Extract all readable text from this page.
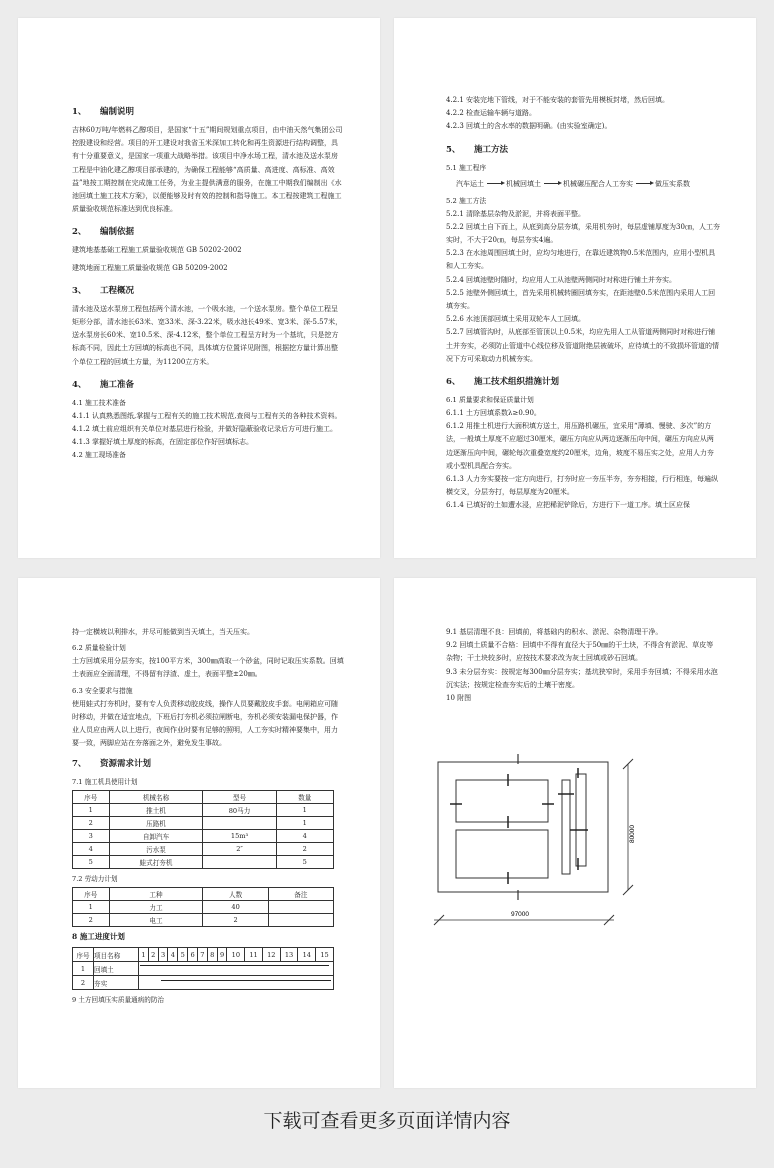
1、 编制说明

吉林60万吨/年燃料乙醇项目，是国家“十五”期间规划重点项目，由中油天然气集团公司控股建设和经营。项目的开工建设对我省玉米深加工转化和再生资源进行结构调整，具有十分重要意义，是国家一项重大战略举措。该项目中净水场工程，清水池及送水泵房工程是中油化建乙醇项目部承建的，为确保工程能够“高质量、高进度、高标准、高效益”地按工期控制在完成施工任务，为业主提供满意的服务，在施工中期我们编制出《水池回填土施工技术方案》，以便能够及时有效的控制和指导施工。本工程按建筑工程施工质量验收规范标准达到优良标准。

2、 编制依据

建筑地基基础工程施工质量验收规范 GB 50202-2002

建筑地面工程施工质量验收规范 GB 50209-2002

3、 工程概况

清水池及送水泵房工程包括两个清水池，一个吸水池，一个送水泵房。整个单位工程呈矩形分部，清水池长63米、宽33米、深-3.22米，吸水池长49米、宽3米、深-5.57米，送水泵房长60米、宽10.5米、深-4.12米，整个单位工程呈方时为一个基坑，只是挖方标高不同，因此土方回填的标高也不同，具体填方位置详见附图，根据挖方量计算出整个单位工程的回填土方量，为11200立方米。

4、 施工准备

4.1 施工技术准备

4.1.1 认真熟悉图纸,掌握与工程有关的施工技术规范,查阅与工程有关的各种技术资料。

4.1.2 填土前应组织有关单位对基层进行检验，并做好隐蔽验收记录后方可进行施工。

4.1.3 掌握好填土厚度的标高，在固定部位作好回填标志。

4.2 施工现场准备

4.2.1 安装完地下管线，对于不能安装的套管先用模板封堵，然后回填。

4.2.2 检查运输车辆与道路。

4.2.3 回填土的含水率的数据明确。(由实验室确定)。

5、 施工方法

5.1 施工程序

汽车运土	机械回填土	机械碾压配合人工夯实	做压实系数

5.2 施工方法

5.2.1 清除基层杂物及淤泥，并将表面平整。

5.2.2 回填土自下而上，从底到高分层夯填，采用机夯时，每层虚铺厚度为30㎝，人工夯实时，不大于20㎝，每层夯实4遍。

5.2.3 在水池周围回填土时，应均匀地进行，在靠近建筑物0.5米范围内，应用小型机具和人工夯实。

5.2.4 回填池壁时随时，均应用人工从池壁两侧同时对称进行铺土并夯实。

5.2.5 池壁外侧回填土，首先采用机械转圈回填夯实，在距池壁0.5米范围内采用人工回填夯实。

5.2.6 水池顶部回填土采用双轮车人工回填。

5.2.7 回填管沟时，从底部至管顶以上0.5米，均应先用人工从管道两侧同时对称进行铺土并夯实，必须防止管道中心线位移及管道附绝层被破坏，应待填土的不致损坏管道的情况下方可采取动力机械夯实。

6、 施工技术组织措施计划

6.1 质量要求和保证质量计划

6.1.1 土方回填系数λ≥0.90。

6.1.2 用推土机进行大面积填方送土，用压路机碾压，宜采用“薄填、慢驶、多次”的方法，一般填土厚度不应超过30厘米，碾压方向应从两边逐渐压向中间，碾压方向应从两边逐渐压向中间，碾轮每次重叠宽度约20厘米，边角，坡度不易压实之处，应用人力夯或小型机具配合夯实。

6.1.3 人力夯实要按一定方向进行，打夯时应一夯压半夯，夯夯相接，行行相连，每遍纵横交叉，分层夯打，每层厚度为20厘米。

6.1.4 已填好的土如遭水浸，应把稀泥铲除后，方进行下一道工序。填土区应保

持一定横坡以利排水，并尽可能做到当天填土，当天压实。

6.2 质量检验计划

土方回填采用分层夯实，按100平方米，300㎜高取一个砂盆，同时记取压实系数。回填土表面应全面清理，不得留有浮渣、虚土，表面平整±20㎜。

6.3 安全要求与措施

使用蛙式打夯机时，要有专人负责移动胶皮线，操作人员要戴胶皮手套。电闸箱应可随时移动，并做在适宜地点，下班后打夯机必须拉闸断电，夯机必须安装漏电保护器，作业人员应由两人以上进行，夜间作业时要有足够的照明，人工夯实时精神要集中，用力要一致，两脚应站在夯落面之外，避免发生事故。

7、 资源需求计划

7.1 施工机具使用计划

序号	机械名称	型号	数量
1	推土机	80马力	1
2	压路机		1
3	自卸汽车	15m³	4
4	污水泵	2″	2
5	蛙式打夯机		5

7.2 劳动力计划

序号	工种	人数	备注
1	力工	40	
2	电工	2	
8 施工进度计划
序号	项目名称	1	2	3	4	5	6	7	8	9	10	11	12	13	14	15
1	回填土															

2	夯实															

9 土方回填压实质量通病的防治

9.1 基层清理不良：回填前，将基础内的积水、淤泥、杂物清理干净。

9.2 回填土质量不合格：回填中不得有直径大于50㎜的干土块，不得含有淤泥、草皮等杂物；干土块较多时，应按技术要求改为灰土回填或砂石回填。

9.3 未分层夯实：按规定每300㎜分层夯实；基坑狭窄时，采用手夯回填；不得采用水泡沉实法；按规定检查夯实后的土壤干密度。

10 附图

80000
97000
下载可查看更多页面详情内容
